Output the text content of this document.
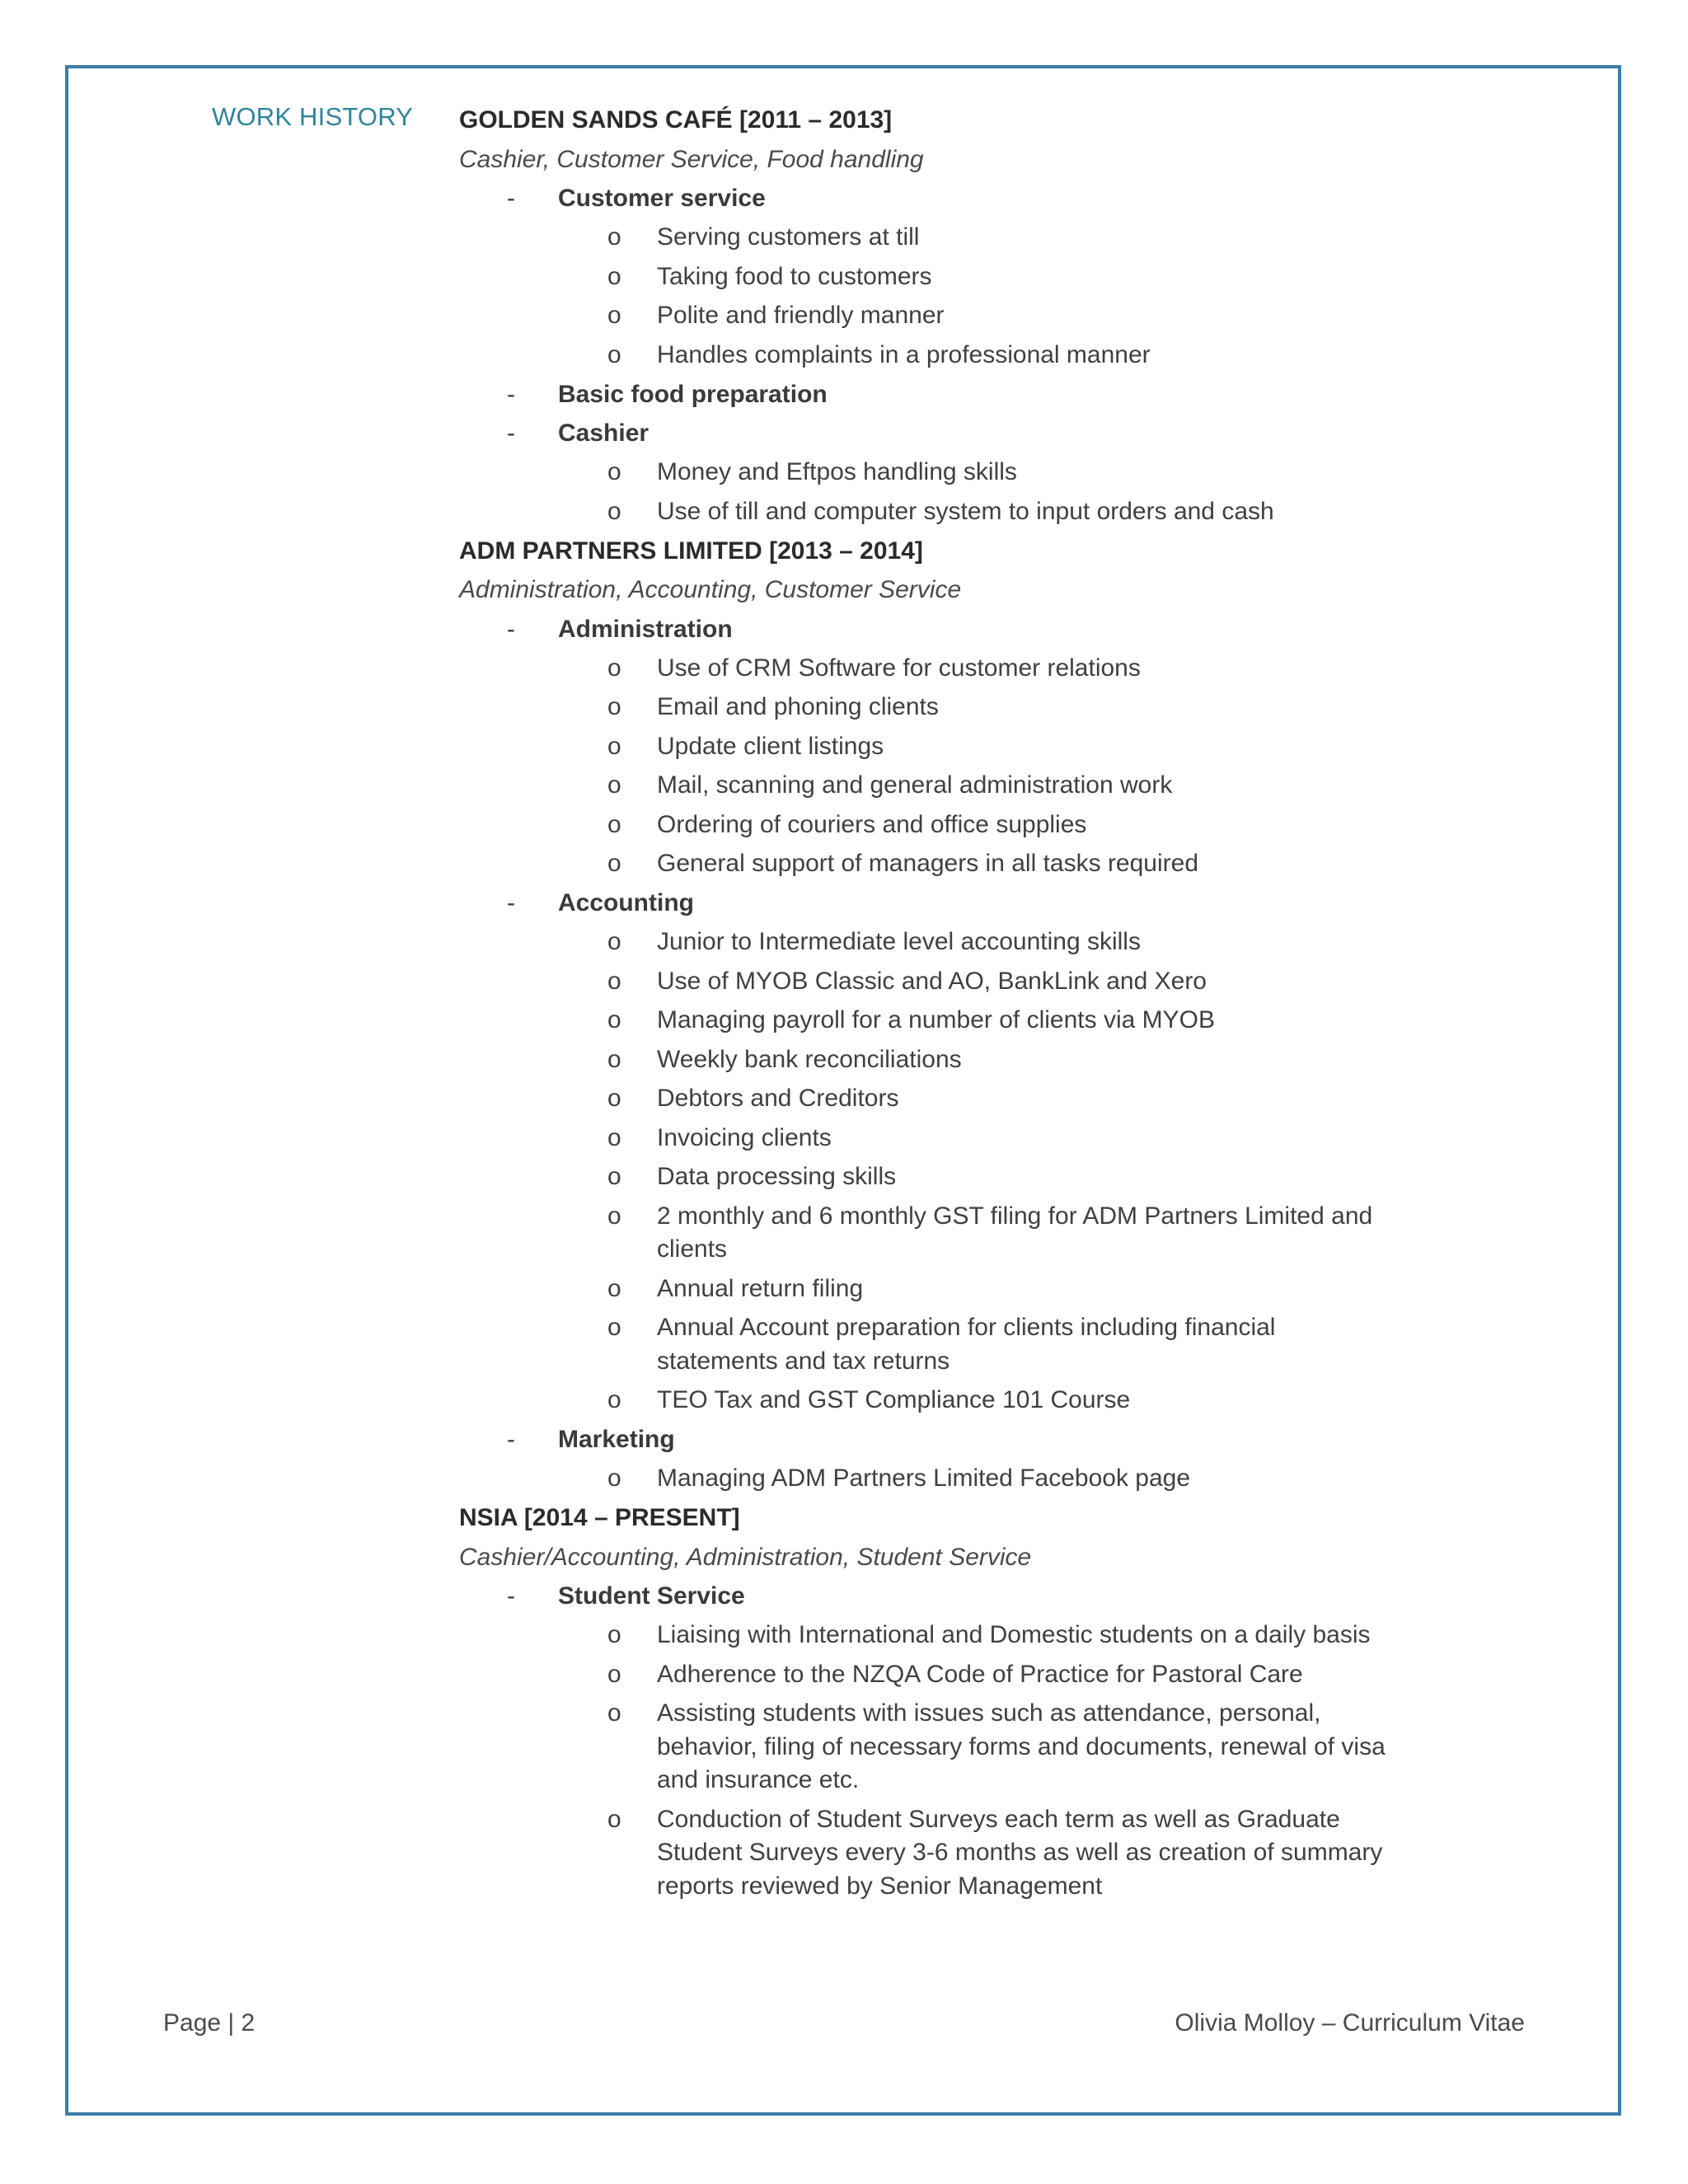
WORK HISTORY GOLDEN SANDS CAFÉ [2011 – 2013]
Cashier, Customer Service, Food handling
- Customer service
o Serving customers at till
o Taking food to customers
o Polite and friendly manner
o Handles complaints in a professional manner
- Basic food preparation
- Cashier
o Money and Eftpos handling skills
o Use of till and computer system to input orders and cash
ADM PARTNERS LIMITED [2013 – 2014]
Administration, Accounting, Customer Service
- Administration
o Use of CRM Software for customer relations
o Email and phoning clients
o Update client listings
o Mail, scanning and general administration work
o Ordering of couriers and office supplies
o General support of managers in all tasks required
- Accounting
o Junior to Intermediate level accounting skills
o Use of MYOB Classic and AO, BankLink and Xero
o Managing payroll for a number of clients via MYOB
o Weekly bank reconciliations
o Debtors and Creditors
o Invoicing clients
o Data processing skills
o 2 monthly and 6 monthly GST filing for ADM Partners Limited and clients
o Annual return filing
o Annual Account preparation for clients including financial statements and tax returns
o TEO Tax and GST Compliance 101 Course
- Marketing
o Managing ADM Partners Limited Facebook page
NSIA [2014 – PRESENT]
Cashier/Accounting, Administration, Student Service
- Student Service
o Liaising with International and Domestic students on a daily basis
o Adherence to the NZQA Code of Practice for Pastoral Care
o Assisting students with issues such as attendance, personal, behavior, filing of necessary forms and documents, renewal of visa and insurance etc.
o Conduction of Student Surveys each term as well as Graduate Student Surveys every 3-6 months as well as creation of summary reports reviewed by Senior Management
Page | 2	Olivia Molloy – Curriculum Vitae
